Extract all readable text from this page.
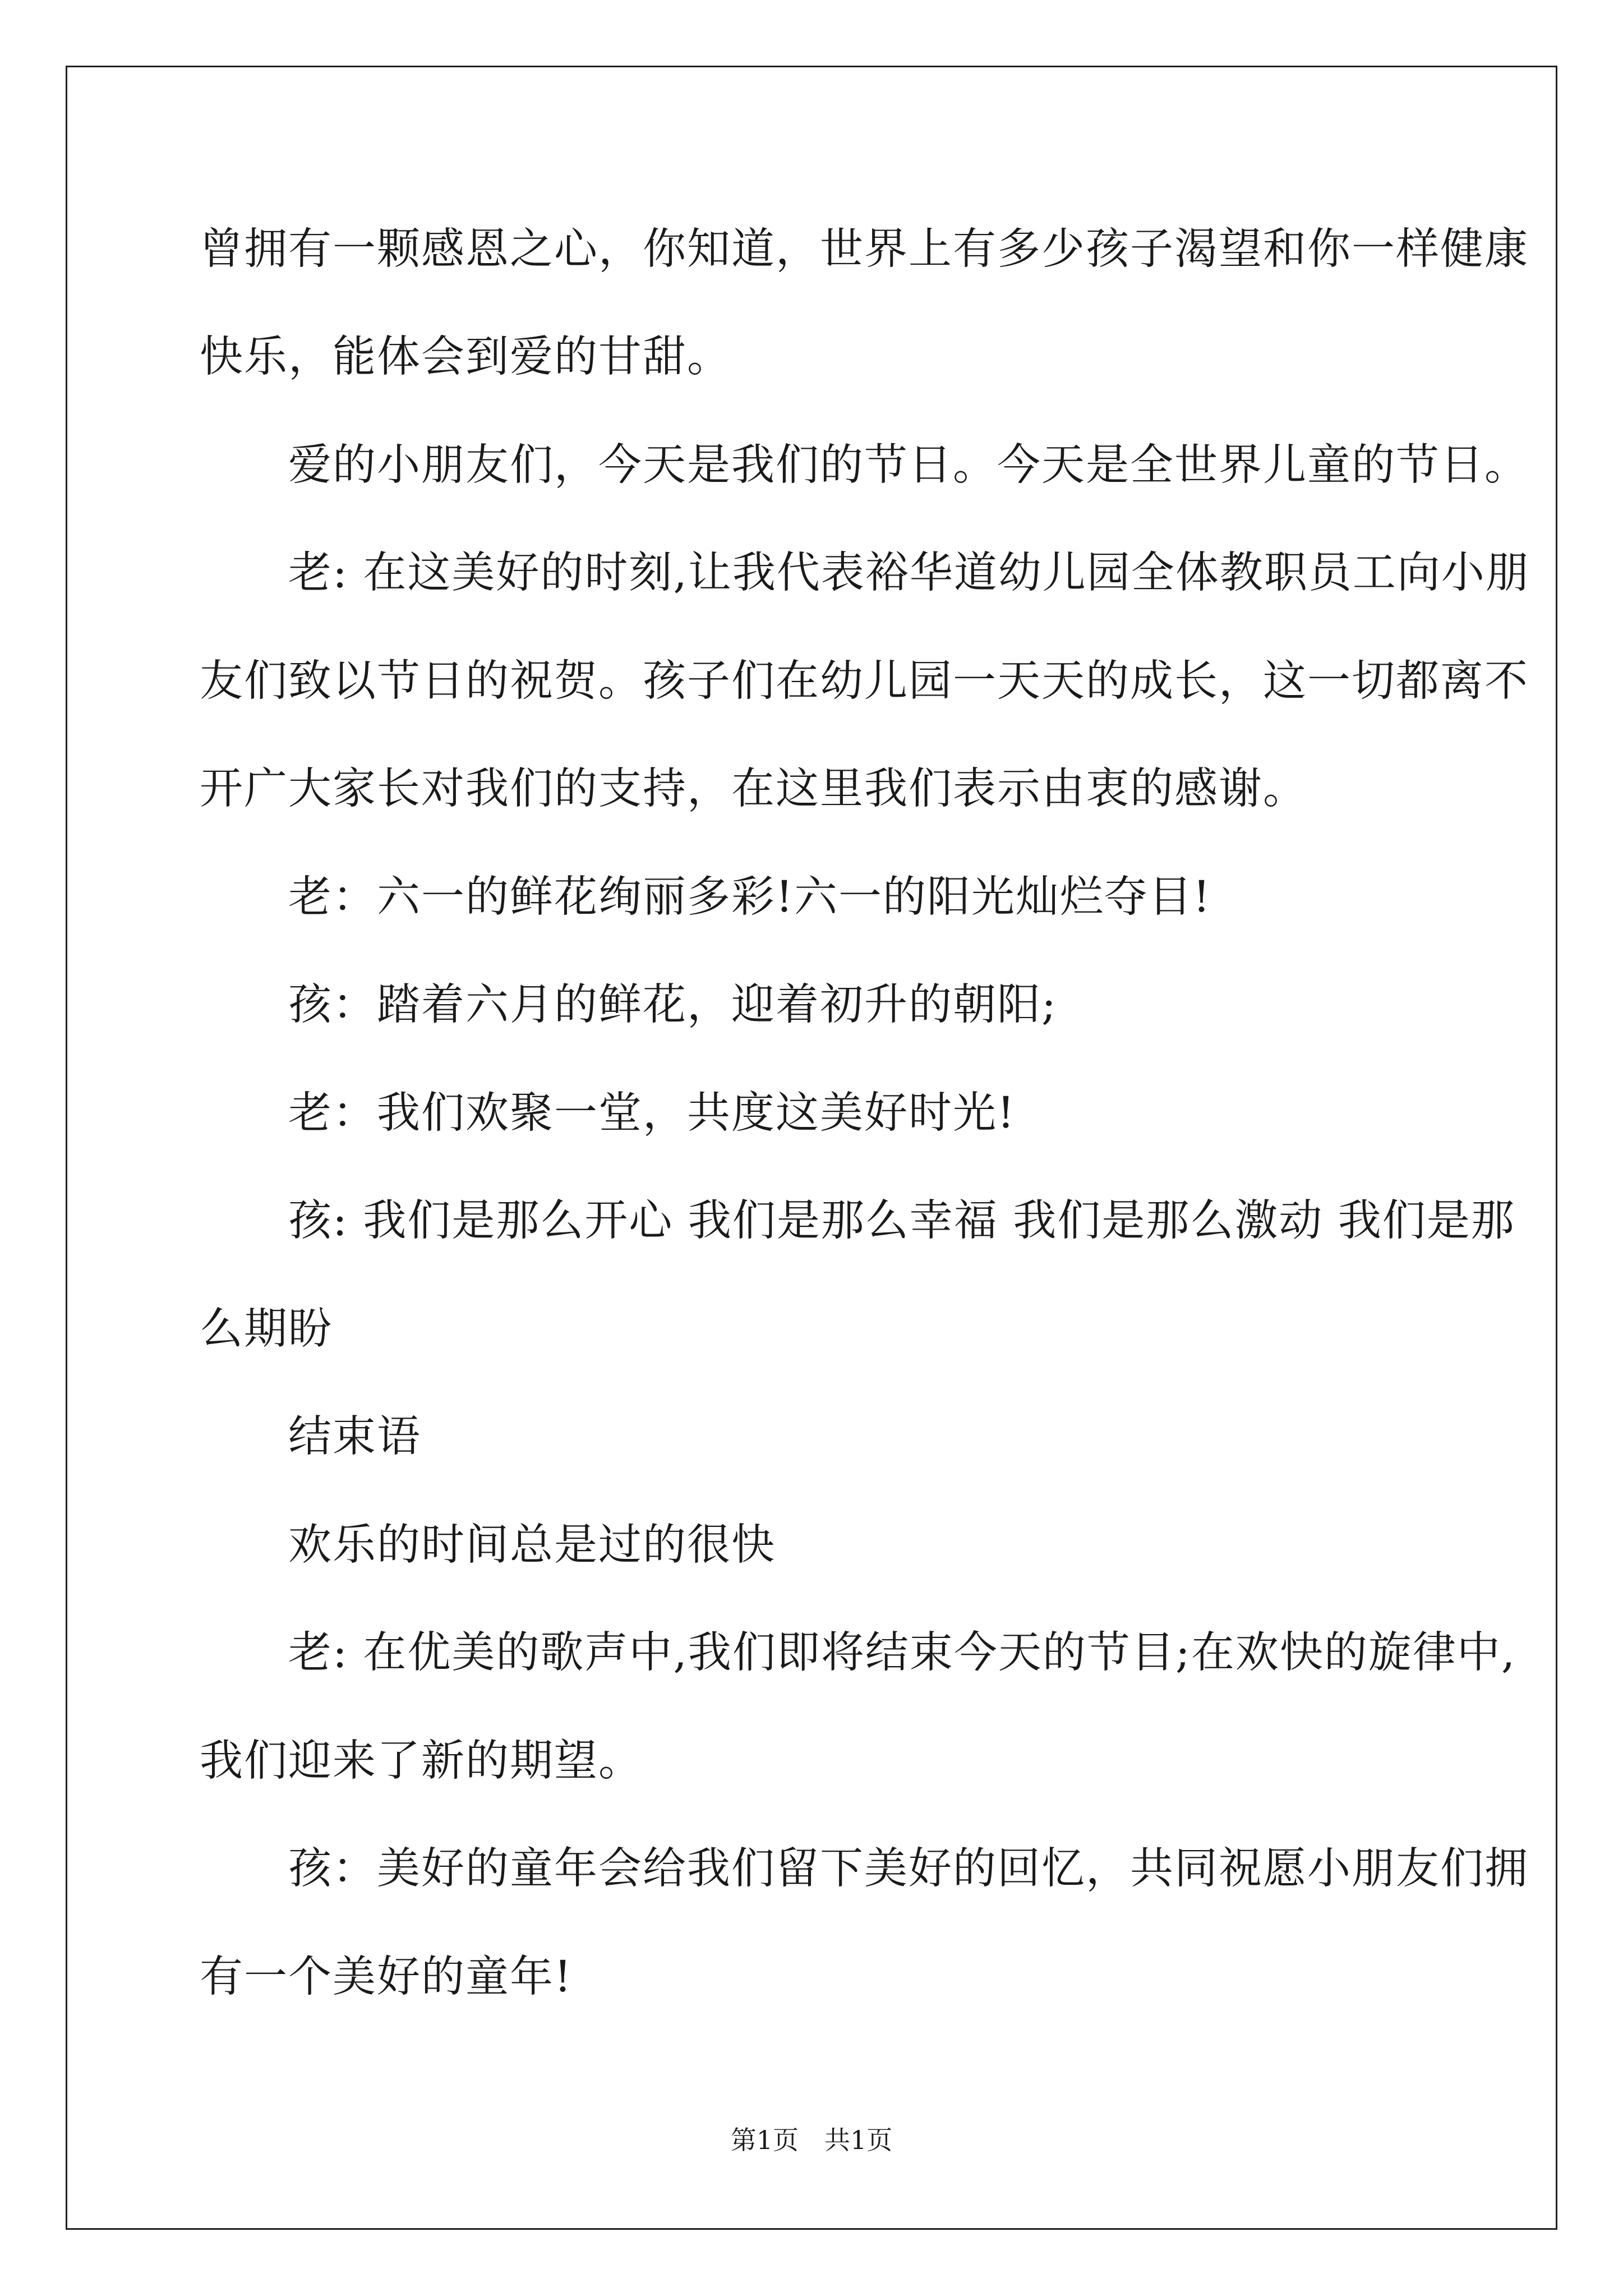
曾拥有一颗感恩之心，你知道，世界上有多少孩子渴望和你一样健康
快乐，能体会到爱的甘甜。
　　爱的小朋友们，今天是我们的节日。今天是全世界儿童的节日。
　　老: 在这美好的时刻,让我代表裕华道幼儿园全体教职员工向小朋
友们致以节日的祝贺。孩子们在幼儿园一天天的成长，这一切都离不
开广大家长对我们的支持，在这里我们表示由衷的感谢。
　　老：六一的鲜花绚丽多彩!六一的阳光灿烂夺目!
　　孩：踏着六月的鲜花，迎着初升的朝阳;
　　老：我们欢聚一堂，共度这美好时光!
　　孩: 我们是那么开心 我们是那么幸福 我们是那么激动 我们是那
么期盼
　　结束语
　　欢乐的时间总是过的很快
　　老: 在优美的歌声中,我们即将结束今天的节目;在欢快的旋律中,
我们迎来了新的期望。
　　孩：美好的童年会给我们留下美好的回忆，共同祝愿小朋友们拥
有一个美好的童年!
第1页　共1页
